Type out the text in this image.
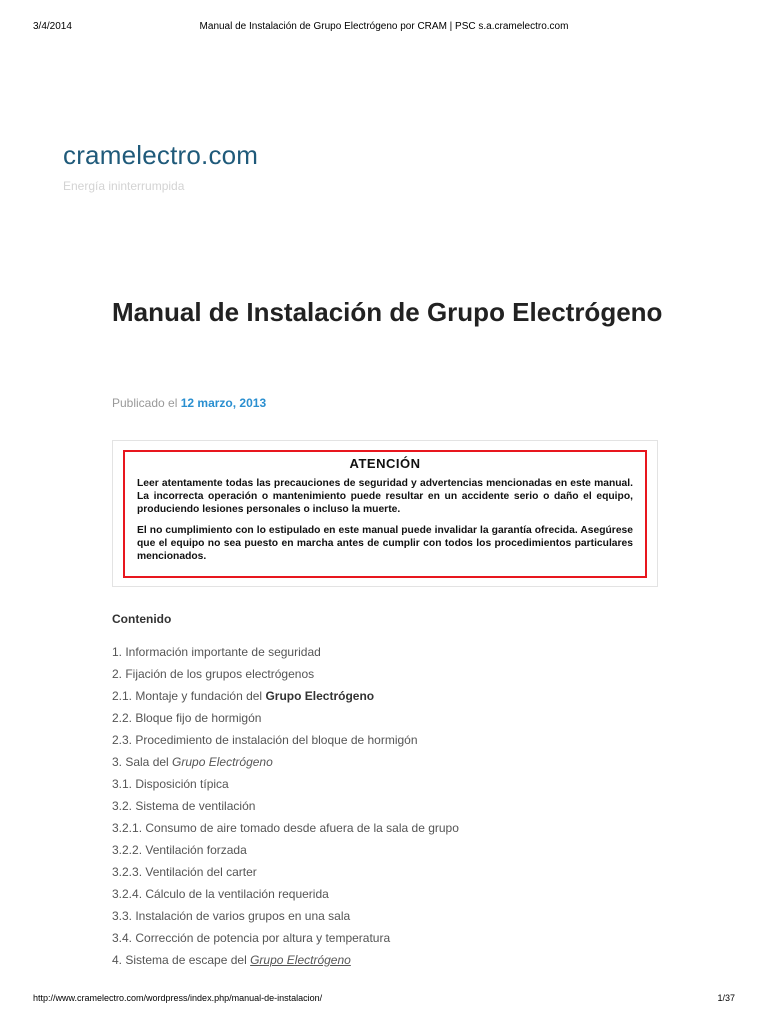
3/4/2014	Manual de Instalación de Grupo Electrógeno por CRAM | PSC s.a.cramelectro.com
cramelectro.com
Energía ininterrumpida
Manual de Instalación de Grupo Electrógeno
Publicado el 12 marzo, 2013
ATENCIÓN
Leer atentamente todas las precauciones de seguridad y advertencias mencionadas en este manual. La incorrecta operación o mantenimiento puede resultar en un accidente serio o daño el equipo, produciendo lesiones personales o incluso la muerte.
El no cumplimiento con lo estipulado en este manual puede invalidar la garantía ofrecida. Asegúrese que el equipo no sea puesto en marcha antes de cumplir con todos los procedimientos particulares mencionados.
Contenido
1. Información importante de seguridad
2. Fijación de los grupos electrógenos
2.1. Montaje y fundación del Grupo Electrógeno
2.2. Bloque fijo de hormigón
2.3. Procedimiento de instalación del bloque de hormigón
3. Sala del Grupo Electrógeno
3.1. Disposición típica
3.2. Sistema de ventilación
3.2.1. Consumo de aire tomado desde afuera de la sala de grupo
3.2.2. Ventilación forzada
3.2.3. Ventilación del carter
3.2.4. Cálculo de la ventilación requerida
3.3. Instalación de varios grupos en una sala
3.4. Corrección de potencia por altura y temperatura
4. Sistema de escape del Grupo Electrógeno
http://www.cramelectro.com/wordpress/index.php/manual-de-instalacion/	1/37
